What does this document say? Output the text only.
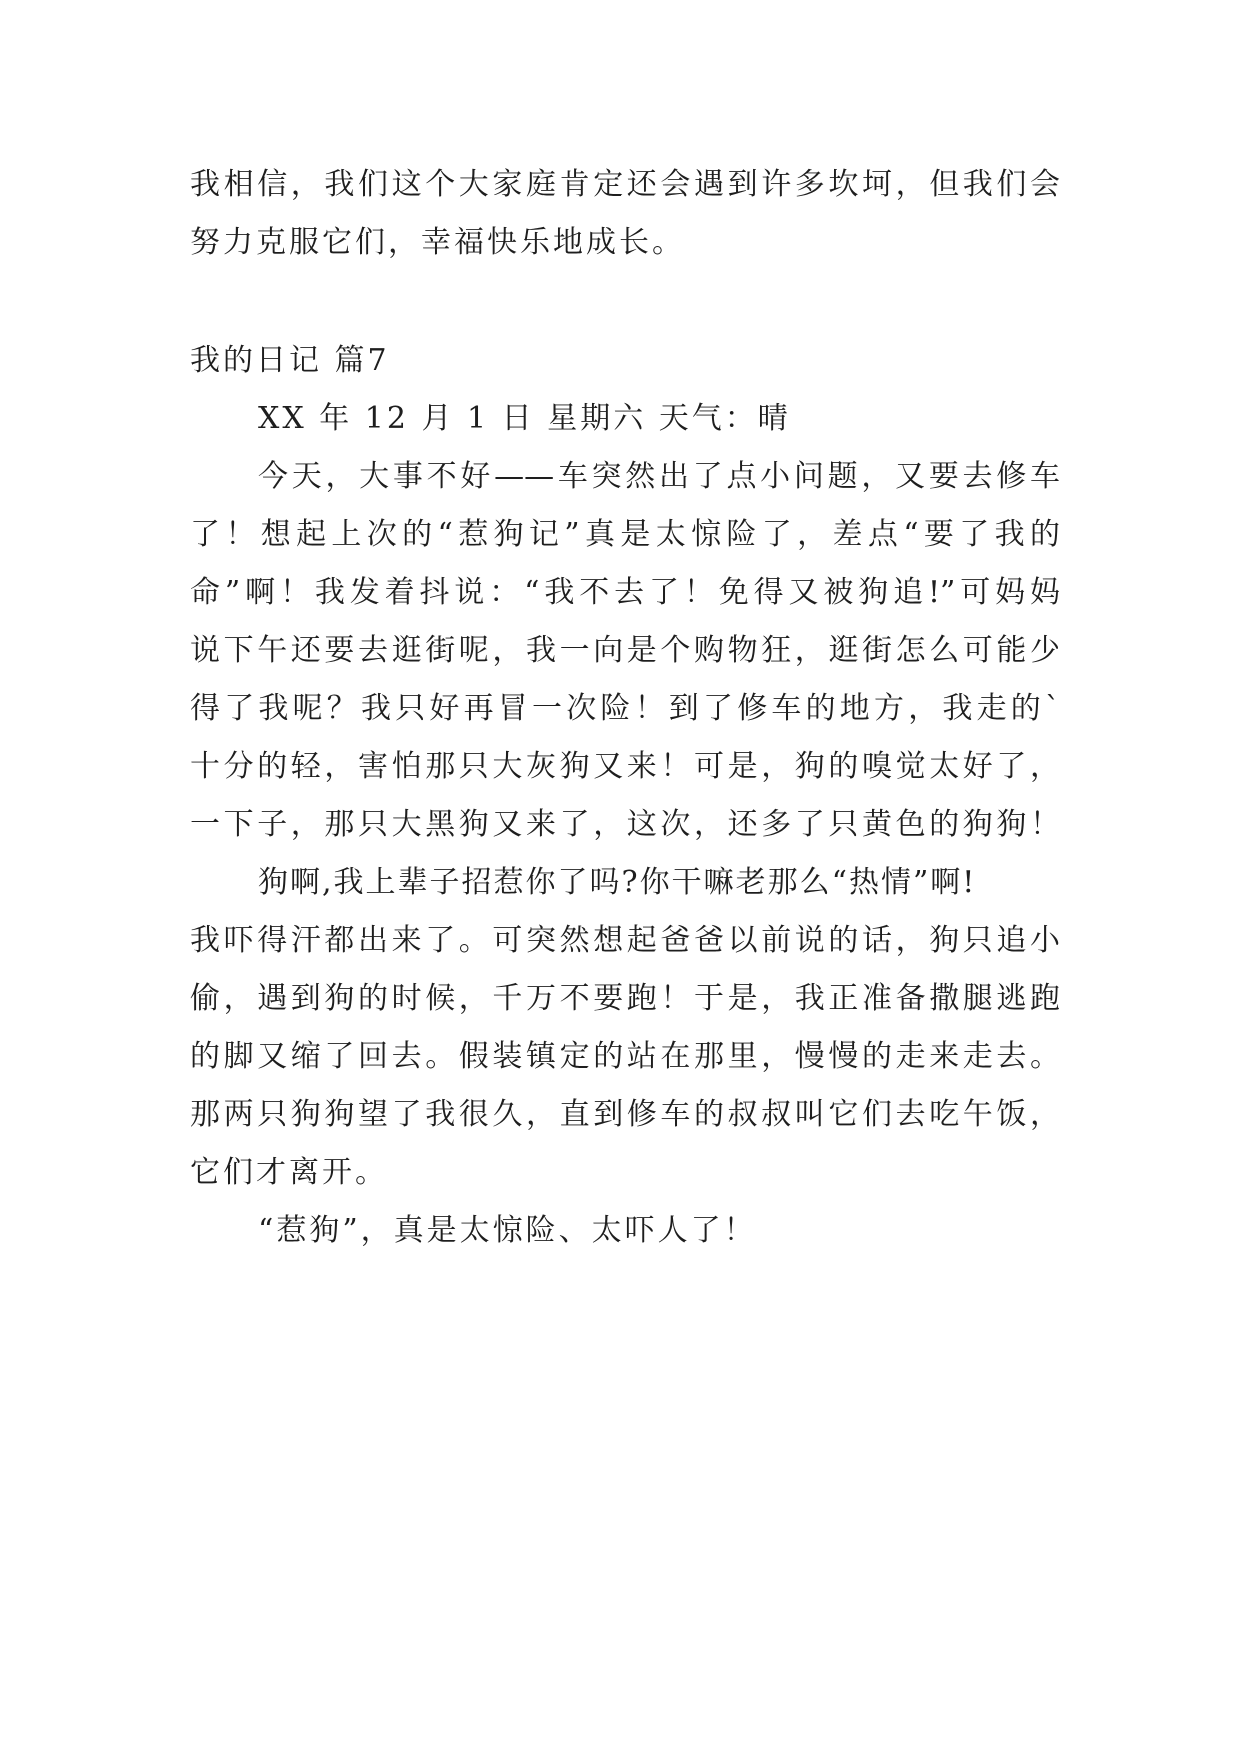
我相信，我们这个大家庭肯定还会遇到许多坎坷，但我们会
努力克服它们，幸福快乐地成长。
我的日记 篇7
XX 年 12 月 1 日 星期六 天气：晴
今天，大事不好——车突然出了点小问题，又要去修车
了！想起上次的“惹狗记”真是太惊险了，差点“要了我的
命”啊！我发着抖说：“我不去了！免得又被狗追!”可妈妈
说下午还要去逛街呢，我一向是个购物狂，逛街怎么可能少
得了我呢？我只好再冒一次险！到了修车的地方，我走的`
十分的轻，害怕那只大灰狗又来！可是，狗的嗅觉太好了，
一下子，那只大黑狗又来了，这次，还多了只黄色的狗狗！
狗啊,我上辈子招惹你了吗?你干嘛老那么“热情”啊!
我吓得汗都出来了。可突然想起爸爸以前说的话，狗只追小
偷，遇到狗的时候，千万不要跑！于是，我正准备撒腿逃跑
的脚又缩了回去。假装镇定的站在那里，慢慢的走来走去。
那两只狗狗望了我很久，直到修车的叔叔叫它们去吃午饭，
它们才离开。
“惹狗”，真是太惊险、太吓人了！
